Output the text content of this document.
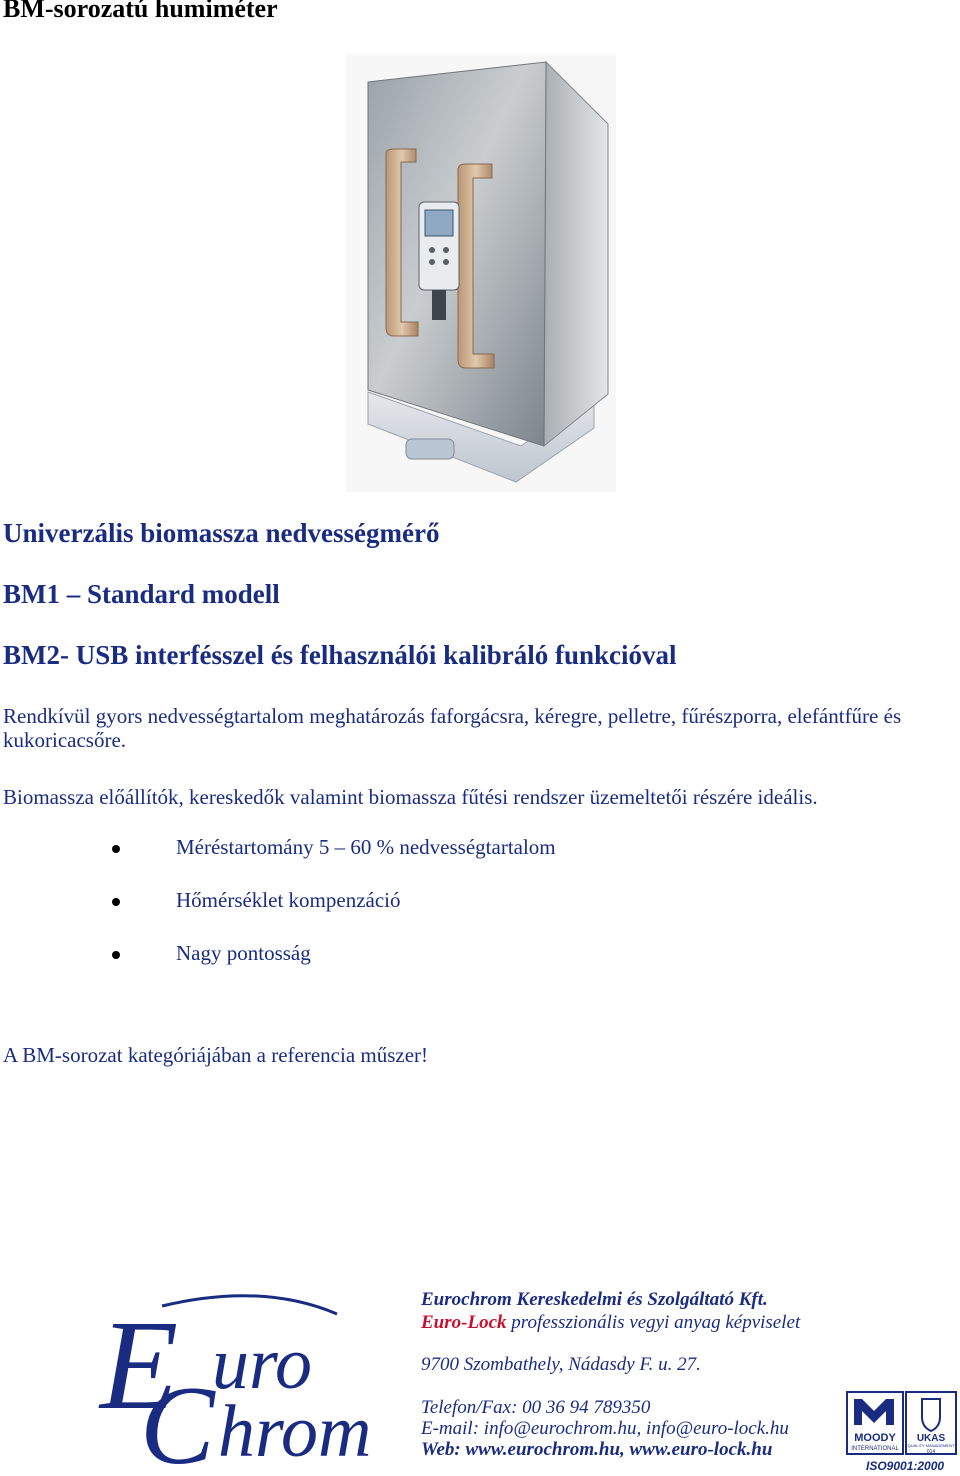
BM-sorozatú humiméter
Univerzális biomassza nedvességmérő
BM1 – Standard modell
BM2- USB interfésszel és felhasználói kalibráló funkcióval
Rendkívül gyors nedvességtartalom meghatározás faforgácsra, kéregre, pelletre, fűrészporra, elefántfűre és kukoricacsőre.
Biomassza előállítók, kereskedők valamint biomassza fűtési rendszer üzemeltetői részére ideális.
Méréstartomány 5 – 60 % nedvességtartalom
Hőmérséklet kompenzáció
Nagy pontosság
A BM-sorozat kategóriájában a referencia műszer!
E
C
uro
hrom
Eurochrom Kereskedelmi és Szolgáltató Kft.
Euro-Lock professzionális vegyi anyag képviselet
9700 Szombathely, Nádasdy F. u. 27.
Telefon/Fax: 00 36 94 789350
E-mail: info@eurochrom.hu, info@euro-lock.hu
Web: www.eurochrom.hu, www.euro-lock.hu
MOODY
INTERNATIONAL
UKAS
QUALITY MANAGEMENT
014
ISO9001:2000
